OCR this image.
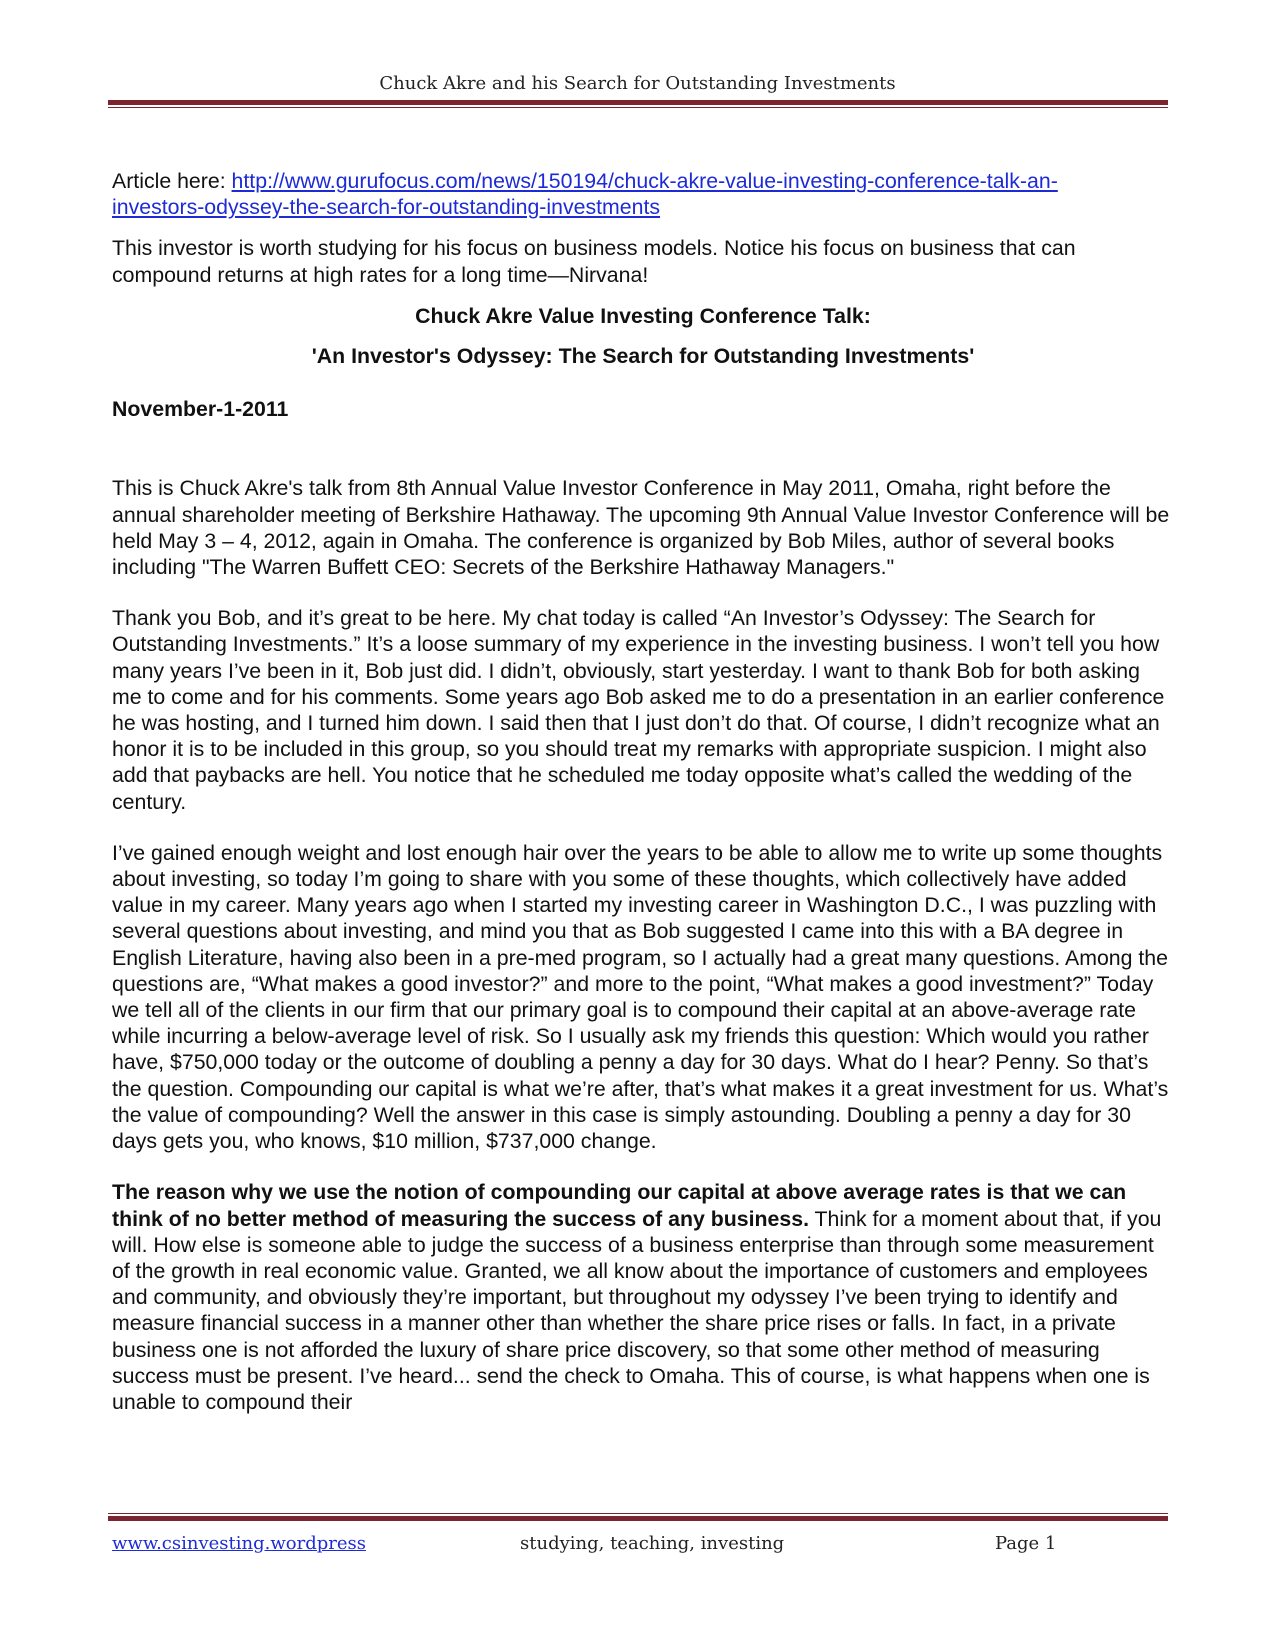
Chuck Akre and his Search for Outstanding Investments

Article here: http://www.gurufocus.com/news/150194/chuck-akre-value-investing-conference-talk-an-
investors-odyssey-the-search-for-outstanding-investments

This investor is worth studying for his focus on business models. Notice his focus on business that can compound returns at high rates for a long time—Nirvana!

Chuck Akre Value Investing Conference Talk:

'An Investor's Odyssey: The Search for Outstanding Investments'

November-1-2011

This is Chuck Akre's talk from 8th Annual Value Investor Conference in May 2011, Omaha, right before the annual shareholder meeting of Berkshire Hathaway. The upcoming 9th Annual Value Investor Conference will be held May 3 – 4, 2012, again in Omaha. The conference is organized by Bob Miles, author of several books including "The Warren Buffett CEO: Secrets of the Berkshire Hathaway Managers."

Thank you Bob, and it’s great to be here. My chat today is called “An Investor’s Odyssey: The Search for Outstanding Investments.” It’s a loose summary of my experience in the investing business. I won’t tell you how many years I’ve been in it, Bob just did. I didn’t, obviously, start yesterday. I want to thank Bob for both asking me to come and for his comments. Some years ago Bob asked me to do a presentation in an earlier conference he was hosting, and I turned him down. I said then that I just don’t do that. Of course, I didn’t recognize what an honor it is to be included in this group, so you should treat my remarks with appropriate suspicion. I might also add that paybacks are hell. You notice that he scheduled me today opposite what’s called the wedding of the century.

I’ve gained enough weight and lost enough hair over the years to be able to allow me to write up some thoughts about investing, so today I’m going to share with you some of these thoughts, which collectively have added value in my career. Many years ago when I started my investing career in Washington D.C., I was puzzling with several questions about investing, and mind you that as Bob suggested I came into this with a BA degree in English Literature, having also been in a pre-med program, so I actually had a great many questions. Among the questions are, “What makes a good investor?” and more to the point, “What makes a good investment?” Today we tell all of the clients in our firm that our primary goal is to compound their capital at an above-average rate while incurring a below-average level of risk. So I usually ask my friends this question: Which would you rather have, $750,000 today or the outcome of doubling a penny a day for 30 days. What do I hear? Penny. So that’s the question. Compounding our capital is what we’re after, that’s what makes it a great investment for us. What’s the value of compounding? Well the answer in this case is simply astounding. Doubling a penny a day for 30 days gets you, who knows, $10 million, $737,000 change.

The reason why we use the notion of compounding our capital at above average rates is that we can think of no better method of measuring the success of any business. Think for a moment about that, if you will. How else is someone able to judge the success of a business enterprise than through some measurement of the growth in real economic value. Granted, we all know about the importance of customers and employees and community, and obviously they’re important, but throughout my odyssey I’ve been trying to identify and measure financial success in a manner other than whether the share price rises or falls. In fact, in a private business one is not afforded the luxury of share price discovery, so that some other method of measuring success must be present. I’ve heard... send the check to Omaha. This of course, is what happens when one is unable to compound their

www.csinvesting.wordpress	studying, teaching, investing	Page 1
